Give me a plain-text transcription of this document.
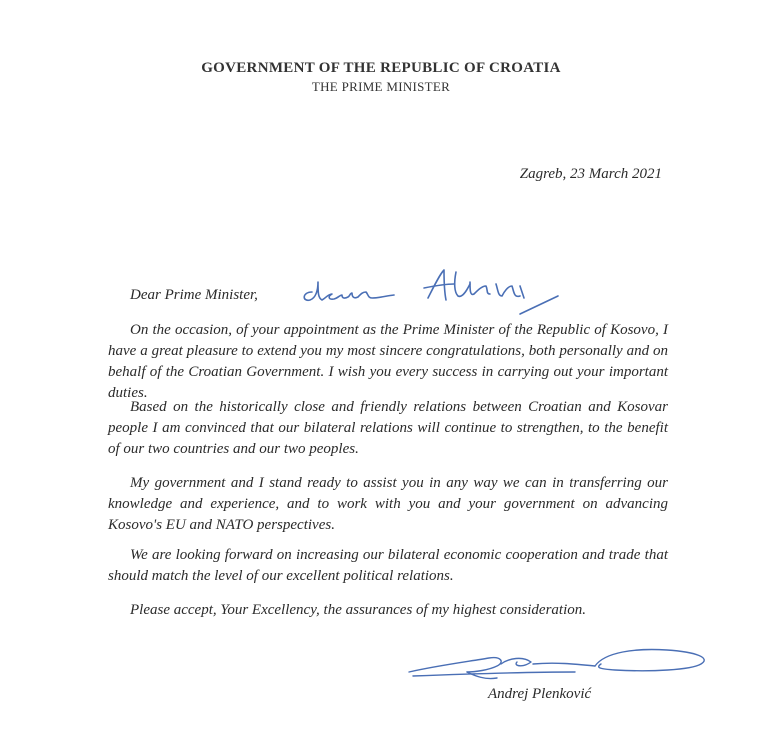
GOVERNMENT OF THE REPUBLIC OF CROATIA
THE PRIME MINISTER
Zagreb, 23 March 2021
Dear Prime Minister,
dear Albin,

On the occasion, of your appointment as the Prime Minister of the Republic of Kosovo, I have a great pleasure to extend you my most sincere congratulations, both personally and on behalf of the Croatian Government. I wish you every success in carrying out your important duties.

Based on the historically close and friendly relations between Croatian and Kosovar people I am convinced that our bilateral relations will continue to strengthen, to the benefit of our two countries and our two peoples.

My government and I stand ready to assist you in any way we can in transferring our knowledge and experience, and to work with you and your government on advancing Kosovo's EU and NATO perspectives.

We are looking forward on increasing our bilateral economic cooperation and trade that should match the level of our excellent political relations.

Please accept, Your Excellency, the assurances of my highest consideration.

Andrej Plenković
